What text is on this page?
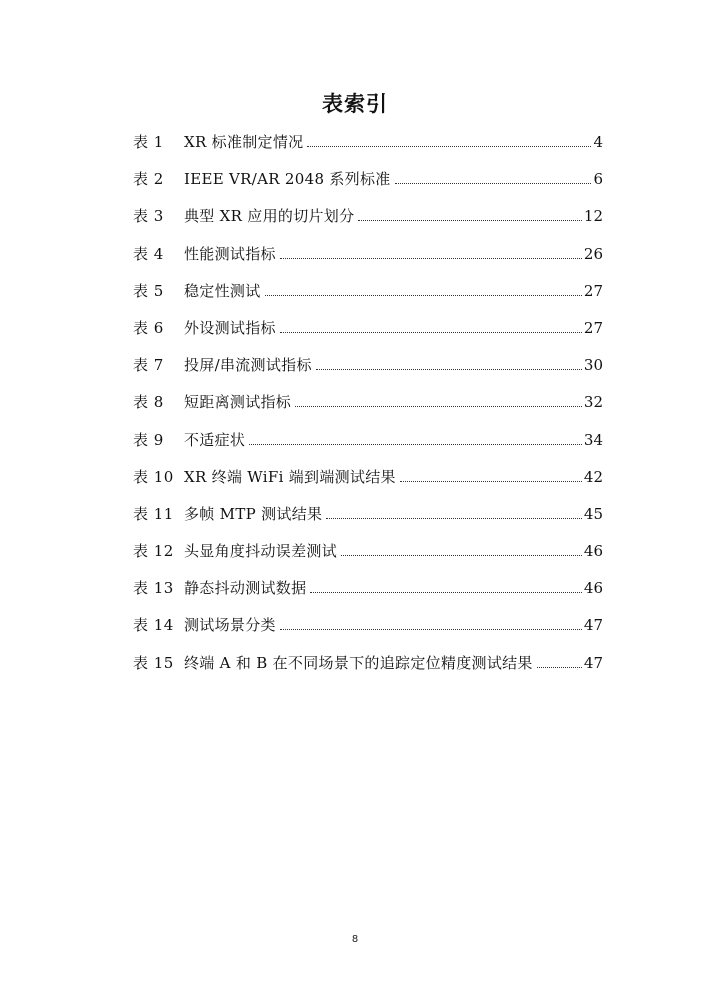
表索引
表 1	XR 标准制定情况	4
表 2	IEEE VR/AR 2048 系列标准	6
表 3	典型 XR 应用的切片划分	12
表 4	性能测试指标	26
表 5	稳定性测试	27
表 6	外设测试指标	27
表 7	投屏/串流测试指标	30
表 8	短距离测试指标	32
表 9	不适症状	34
表 10 XR 终端 WiFi 端到端测试结果	42
表 11 多帧 MTP 测试结果	45
表 12 头显角度抖动误差测试	46
表 13 静态抖动测试数据	46
表 14 测试场景分类	47
表 15 终端 A 和 B 在不同场景下的追踪定位精度测试结果	47
8
